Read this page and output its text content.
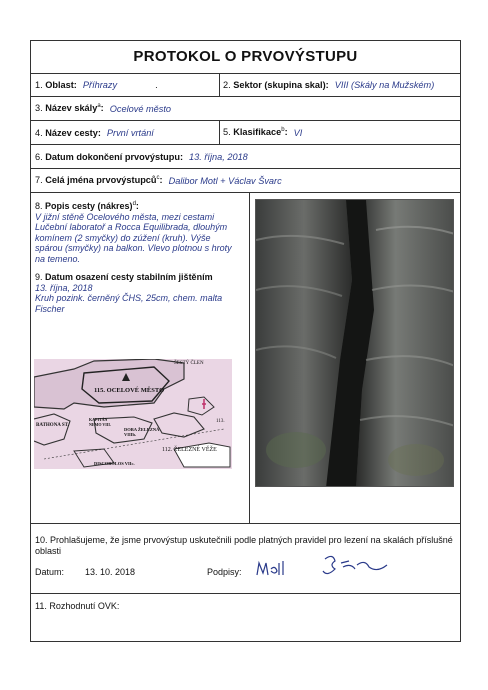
PROTOKOL O PRVOVÝSTUPU
1. Oblast: Příhrazy	.	2. Sektor (skupina skal): VIII (Skály na Mužském)
3. Název skály$^a$: Ocelové město
4. Název cesty: První vrtání	5. Klasifikace$^b$: VI
6. Datum dokončení prvovýstupu: 13. října, 2018
7. Celá jména prvovýstupců$^c$: Dalibor Motl + Václav Švarc
8. Popis cesty (nákres)$^d$:
V jižní stěně Ocelového města, mezi cestami Lučební laboratoř a Rocca Equilibrada, dlouhým komínem (2 smyčky) do zúžení (kruh). Výše spárou (smyčky) na balkon. Vlevo plotnou s hroty na temeno.
9. Datum osazení cesty stabilním jištěním
13. října, 2018
Kruh pozink. černěný ČHS, 25cm, chem. malta Fischer
ŠESTÝ ČLEN
115. OCELOVÉ MĚSTO
BATHONA ST.
KAPITÁN NEMO VIII.
DOBA ŽELEZNÁ VIIIb.
112. ŽELEZNÉ VĚŽE
DISCOBOLOS VIIc.
113.
10. Prohlašujeme, že jsme prvovýstup uskutečnili podle platných pravidel pro lezení na skalách příslušné oblasti
Datum: 13. 10. 2018	Podpisy:
11. Rozhodnutí OVK:
